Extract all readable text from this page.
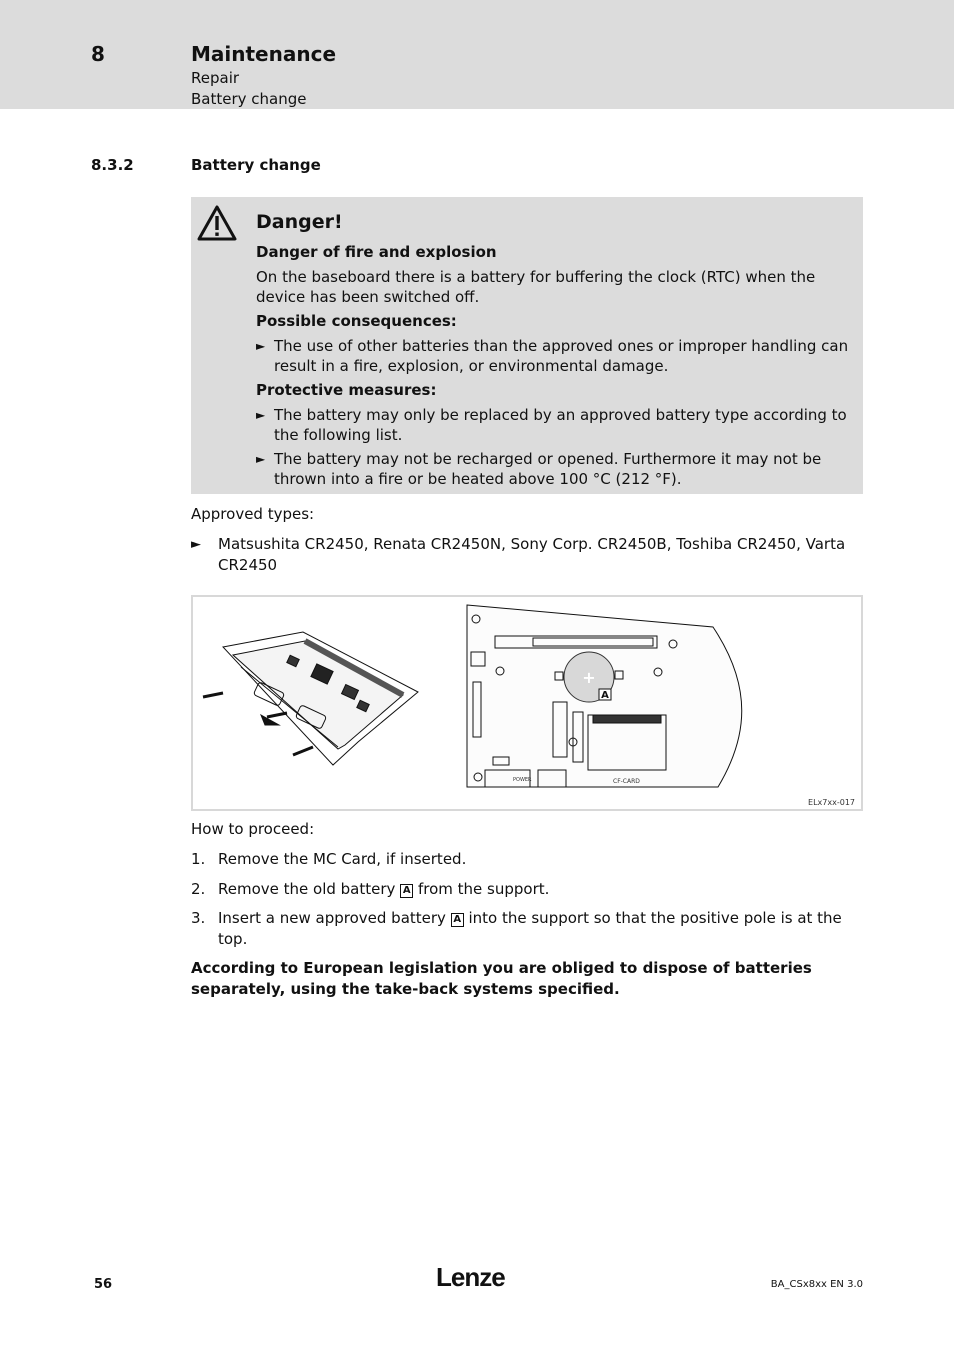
8	Maintenance
Repair
Battery change
8.3.2	Battery change
Danger!
Danger of fire and explosion
On the baseboard there is a battery for buffering the clock (RTC) when the
device has been switched off.
Possible consequences:
► The use of other batteries than the approved ones or improper handling can result in a fire, explosion, or environmental damage.
Protective measures:
► The battery may only be replaced by an approved battery type according to the following list.
► The battery may not be recharged or opened. Furthermore it may not be thrown into a fire or be heated above 100 °C (212 °F).
Approved types:
► Matsushita CR2450, Renata CR2450N, Sony Corp. CR2450B, Toshiba CR2450, Varta CR2450
+
A
POWER	CF-CARD
ELx7xx-017
How to proceed:
1. Remove the MC Card, if inserted.
2. Remove the old battery A from the support.
3. Insert a new approved battery A into the support so that the positive pole is at the top.
According to European legislation you are obliged to dispose of batteries separately, using the take-back systems specified.
56	Lenze	BA_CSx8xx EN 3.0
